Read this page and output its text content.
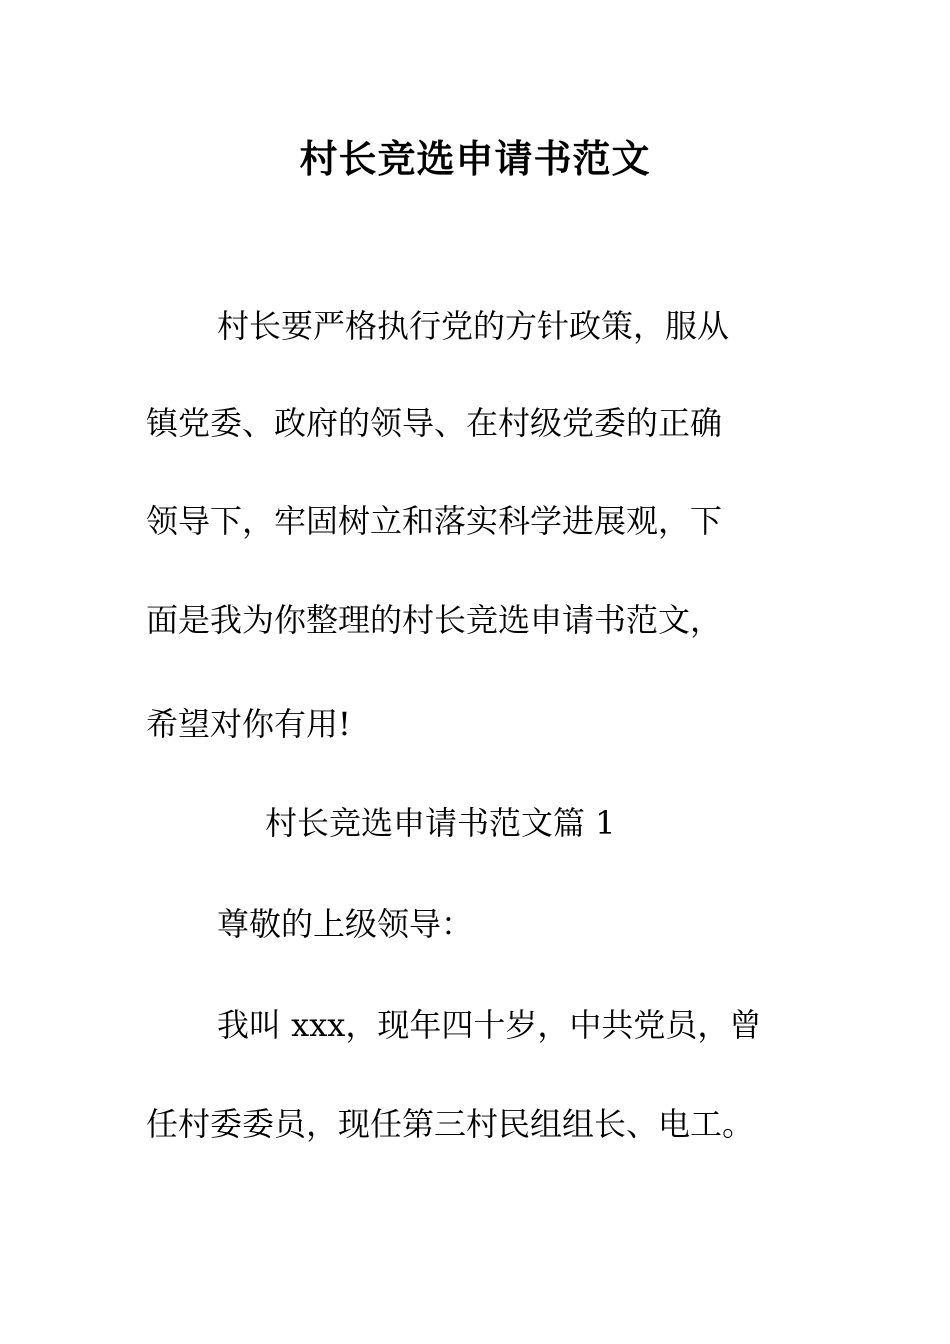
村长竞选申请书范文
村长要严格执行党的方针政策，服从
镇党委、政府的领导、在村级党委的正确
领导下，牢固树立和落实科学进展观，下
面是我为你整理的村长竞选申请书范文，
希望对你有用!
村长竞选申请书范文篇 1
尊敬的上级领导：
我叫 xxx，现年四十岁，中共党员，曾
任村委委员，现任第三村民组组长、电工。
